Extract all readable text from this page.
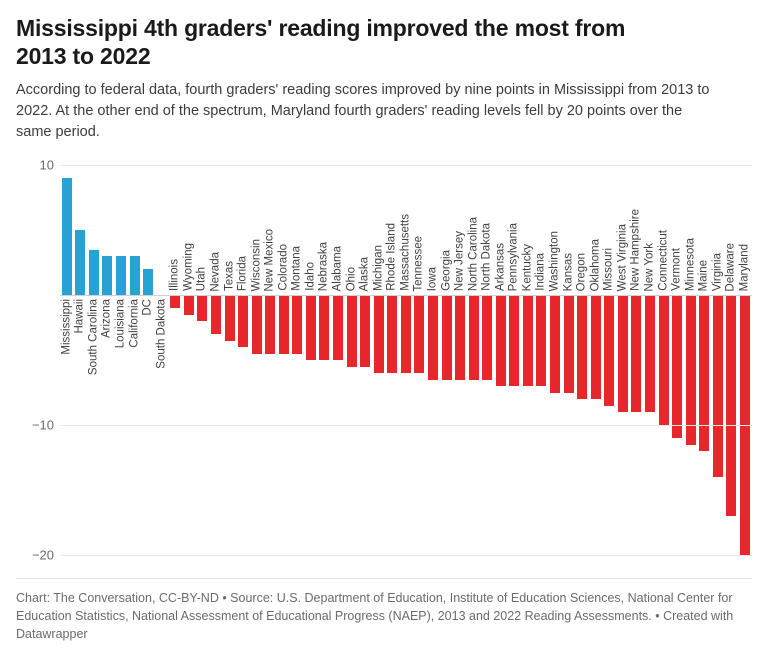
Mississippi 4th graders' reading improved the most from 2013 to 2022

According to federal data, fourth graders' reading scores improved by nine points in Mississippi from 2013 to 2022. At the other end of the spectrum, Maryland fourth graders' reading levels fell by 20 points over the same period.

Mississippi Hawaii South Carolina Arizona Louisiana California DC South Dakota
Illinois Wyoming Utah Nevada Texas Florida Wisconsin New Mexico Colorado Montana Idaho Nebraska Alabama Ohio Alaska Michigan Rhode Island Massachusetts Tennessee Iowa Georgia New Jersey North Carolina North Dakota Arkansas Pennsylvania Kentucky Indiana Washington Kansas Oregon Oklahoma Missouri West Virginia New Hampshire New York Connecticut Vermont Minnesota Maine Virginia Delaware Maryland
10
−10
−20
Chart: The Conversation, CC-BY-ND • Source: U.S. Department of Education, Institute of Education Sciences, National Center for Education Statistics, National Assessment of Educational Progress (NAEP), 2013 and 2022 Reading Assessments. • Created with Datawrapper
